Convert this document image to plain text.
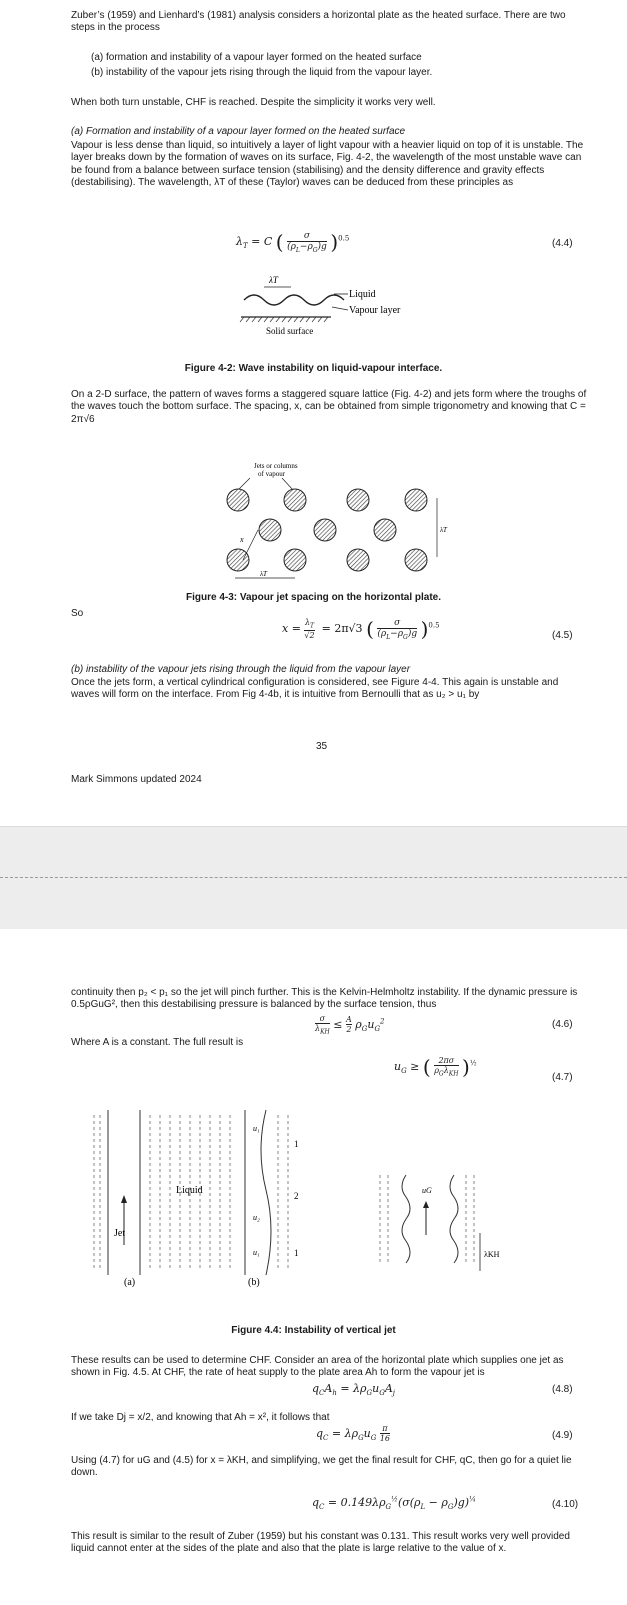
Zuber’s (1959) and Lienhard’s (1981) analysis considers a horizontal plate as the heated surface. There are two steps in the process

(a) formation and instability of a vapour layer formed on the heated surface

(b) instability of the vapour jets rising through the liquid from the vapour layer.

When both turn unstable, CHF is reached. Despite the simplicity it works very well.

(a) Formation and instability of a vapour layer formed on the heated surface

Vapour is less dense than liquid, so intuitively a layer of light vapour with a heavier liquid on top of it is unstable. The layer breaks down by the formation of waves on its surface, Fig. 4-2, the wavelength of the most unstable wave can be found from a balance between surface tension (stabilising) and the density difference and gravity effects (destabilising). The wavelength, λT of these (Taylor) waves can be deduced from these principles as

$\lambda_T = C$ ( $\frac{\sigma}{(\rho_L-\rho_G)g} )^{0.5}$	(4.4)
λT
Liquid
Vapour layer
Solid surface
Figure 4-2: Wave instability on liquid-vapour interface.

On a 2-D surface, the pattern of waves forms a staggered square lattice (Fig. 4-2) and jets form where the troughs of the waves touch the bottom surface. The spacing, x, can be obtained from simple trigonometry and knowing that C = 2π√6

Jets or columns
of vapour
x
λT
λT
Figure 4-3: Vapour jet spacing on the horizontal plate.

So

$x = \frac{\lambda_T}{√2} = 2\pi√3$ ( $\frac{\sigma}{(\rho_L-\rho_G)g} )^{0.5}$
(4.5)

(b) instability of the vapour jets rising through the liquid from the vapour layer

Once the jets form, a vertical cylindrical configuration is considered, see Figure 4-4. This again is unstable and waves will form on the interface. From Fig 4-4b, it is intuitive from Bernoulli that as u₂ > u₁ by

35
Mark Simmons updated 2024

continuity then p₂ < p₁ so the jet will pinch further. This is the Kelvin-Helmholtz instability. If the dynamic pressure is 0.5ρGuG², then this destabilising pressure is balanced by the surface tension, thus

σ
$\lambda_{KH}$
≤ $\frac{A}{2} \rho_Gu_G^2$	(4.6)

Where A is a constant. The full result is

$u_G$ ≥ ( 2πσ
$\rho_G\lambda_{KH}$ )$^{\frac{1}{2}}$
(4.7)
Jet
Liquid
u₁
u₂
u₁
1
2
1
(a)	(b)
uG
λKH
Figure 4.4: Instability of vertical jet

These results can be used to determine CHF. Consider an area of the horizontal plate which supplies one jet as shown in Fig. 4.5. At CHF, the rate of heat supply to the plate area Ah to form the vapour jet is

$q_CA_h = \lambda\rho_Gu_GA_j$	(4.8)

If we take Dj = x/2, and knowing that Ah = x², it follows that

$q_C = \lambda\rho_Gu_G \frac{\pi}{16}$	(4.9)

Using (4.7) for uG and (4.5) for x = λKH, and simplifying, we get the final result for CHF, qC, then go for a quiet lie down.

$q_C = 0.149\lambda\rho_G^{\frac{1}{2}}(\sigma(\rho_L - \rho_G)g)^{\frac{1}{4}}$	(4.10)

This result is similar to the result of Zuber (1959) but his constant was 0.131. This result works very well provided liquid cannot enter at the sides of the plate and also that the plate is large relative to the value of x.
